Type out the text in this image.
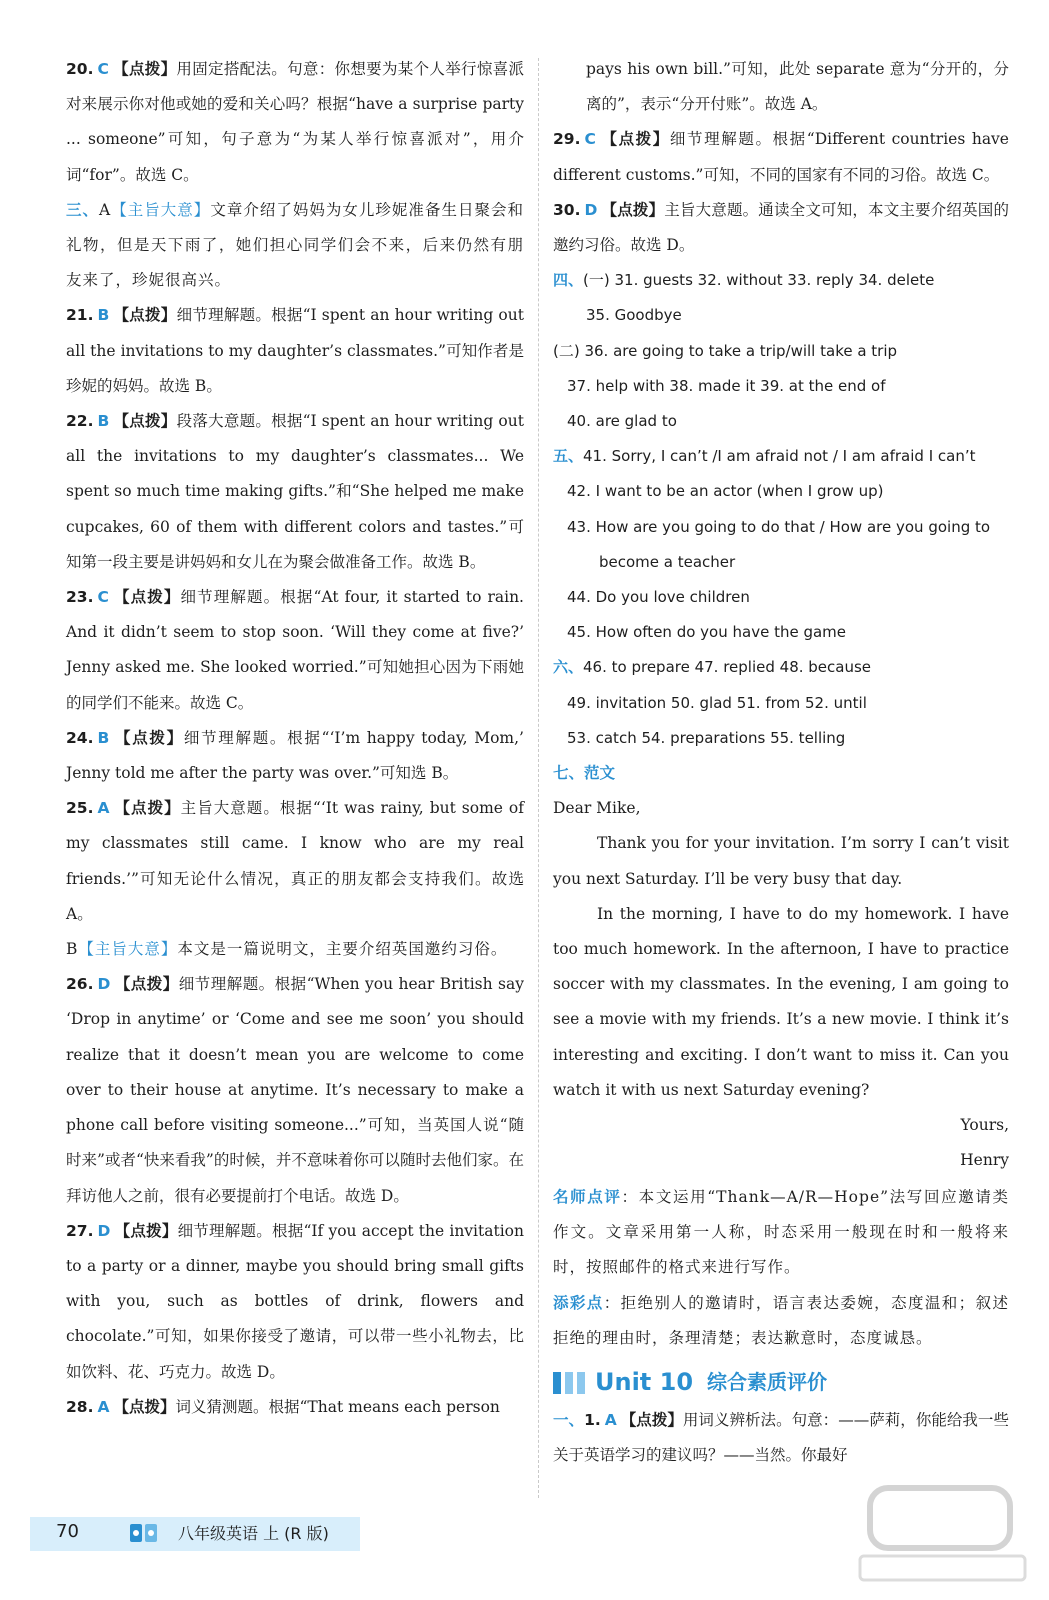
20. C 【点拨】用固定搭配法。句意：你想要为某个人举行惊喜派对来展示你对他或她的爱和关心吗？根据“have a surprise party ... someone”可知，句子意为“为某人举行惊喜派对”，用介词“for”。故选 C。
三、A【主旨大意】文章介绍了妈妈为女儿珍妮准备生日聚会和礼物，但是天下雨了，她们担心同学们会不来，后来仍然有朋友来了，珍妮很高兴。
21. B 【点拨】细节理解题。根据“I spent an hour writing out all the invitations to my daughter’s classmates.”可知作者是珍妮的妈妈。故选 B。
22. B 【点拨】段落大意题。根据“I spent an hour writing out all the invitations to my daughter’s classmates... We spent so much time making gifts.”和“She helped me make cupcakes, 60 of them with different colors and tastes.”可知第一段主要是讲妈妈和女儿在为聚会做准备工作。故选 B。
23. C 【点拨】细节理解题。根据“At four, it started to rain. And it didn’t seem to stop soon. ‘Will they come at five?’ Jenny asked me. She looked worried.”可知她担心因为下雨她的同学们不能来。故选 C。
24. B 【点拨】细节理解题。根据“‘I’m happy today, Mom,’ Jenny told me after the party was over.”可知选 B。
25. A 【点拨】主旨大意题。根据“‘It was rainy, but some of my classmates still came. I know who are my real friends.’”可知无论什么情况，真正的朋友都会支持我们。故选 A。
B【主旨大意】本文是一篇说明文，主要介绍英国邀约习俗。
26. D 【点拨】细节理解题。根据“When you hear British say ‘Drop in anytime’ or ‘Come and see me soon’ you should realize that it doesn’t mean you are welcome to come over to their house at anytime. It’s necessary to make a phone call before visiting someone...”可知，当英国人说“随时来”或者“快来看我”的时候，并不意味着你可以随时去他们家。在拜访他人之前，很有必要提前打个电话。故选 D。
27. D 【点拨】细节理解题。根据“If you accept the invitation to a party or a dinner, maybe you should bring small gifts with you, such as bottles of drink, flowers and chocolate.”可知，如果你接受了邀请，可以带一些小礼物去，比如饮料、花、巧克力。故选 D。
28. A 【点拨】词义猜测题。根据“That means each person
pays his own bill.”可知，此处 separate 意为“分开的，分离的”，表示“分开付账”。故选 A。
29. C 【点拨】细节理解题。根据“Different countries have different customs.”可知，不同的国家有不同的习俗。故选 C。
30. D 【点拨】主旨大意题。通读全文可知，本文主要介绍英国的邀约习俗。故选 D。
四、(一) 31. guests 32. without 33. reply 34. delete
35. Goodbye
(二) 36. are going to take a trip/will take a trip
37. help with 38. made it 39. at the end of
40. are glad to
五、41. Sorry, I can’t /I am afraid not / I am afraid I can’t
42. I want to be an actor (when I grow up)
43. How are you going to do that / How are you going to
become a teacher
44. Do you love children
45. How often do you have the game
六、46. to prepare 47. replied 48. because
49. invitation 50. glad 51. from 52. until
53. catch 54. preparations 55. telling
七、范文

Dear Mike,

Thank you for your invitation. I’m sorry I can’t visit you next Saturday. I’ll be very busy that day.

In the morning, I have to do my homework. I have too much homework. In the afternoon, I have to practice soccer with my classmates. In the evening, I am going to see a movie with my friends. It’s a new movie. I think it’s interesting and exciting. I don’t want to miss it. Can you watch it with us next Saturday evening?

Yours,

Henry

名师点评：本文运用“Thank—A/R—Hope”法写回应邀请类作文。文章采用第一人称，时态采用一般现在时和一般将来时，按照邮件的格式来进行写作。
添彩点：拒绝别人的邀请时，语言表达委婉，态度温和；叙述拒绝的理由时，条理清楚；表达歉意时，态度诚恳。
Unit 10 综合素质评价
一、1. A 【点拨】用词义辨析法。句意：——萨莉，你能给我一些关于英语学习的建议吗？——当然。你最好
70	八年级英语 上 (R 版)
